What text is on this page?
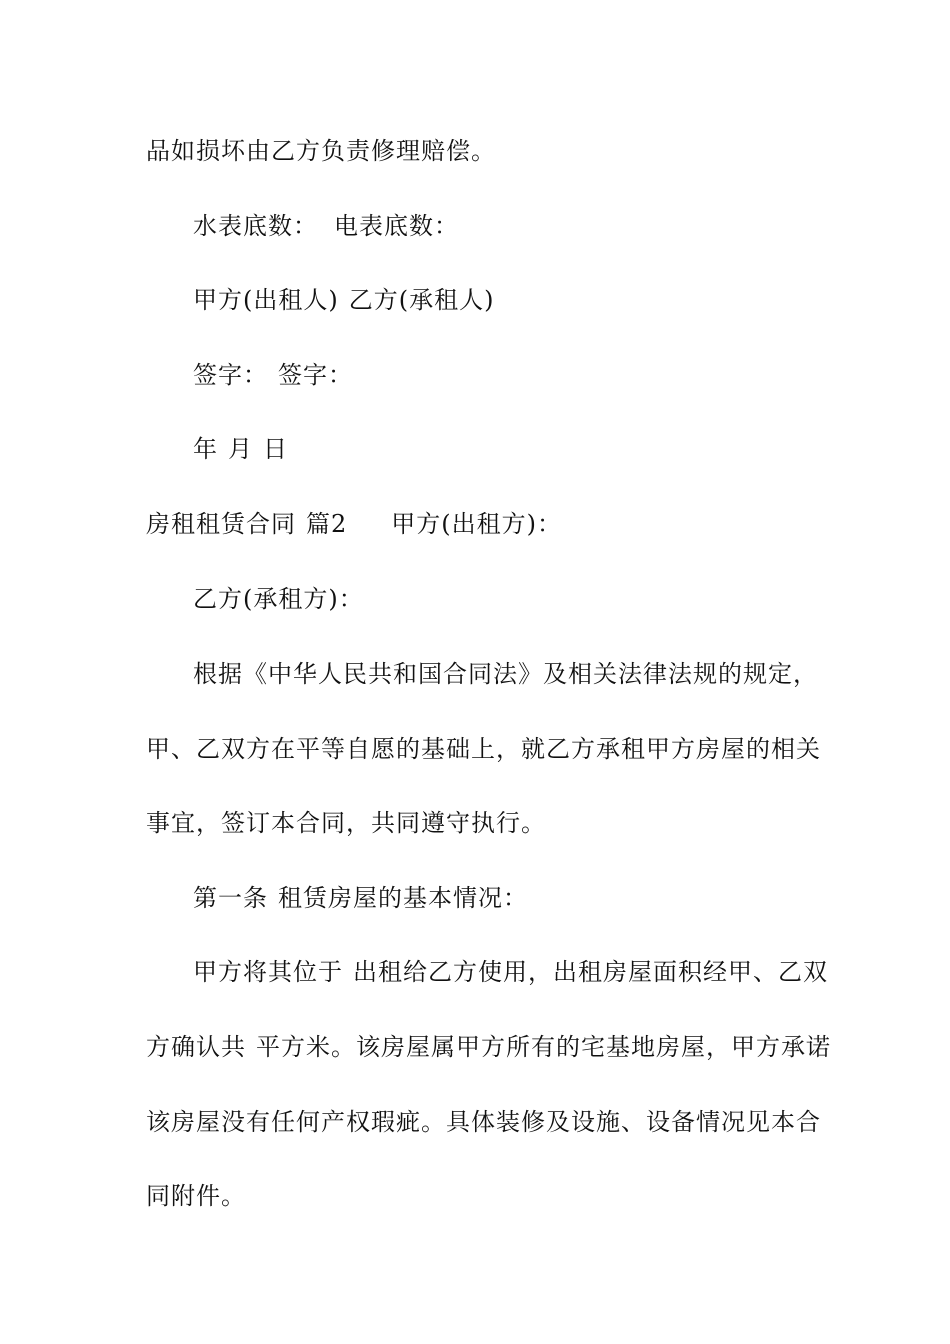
品如损坏由乙方负责修理赔偿。
水表底数： 电表底数：
甲方(出租人) 乙方(承租人)
签字： 签字：
年 月 日
房租租赁合同 篇2 甲方(出租方)：
乙方(承租方)：
根据《中华人民共和国合同法》及相关法律法规的规定，
甲、乙双方在平等自愿的基础上，就乙方承租甲方房屋的相关
事宜，签订本合同，共同遵守执行。
第一条 租赁房屋的基本情况：
甲方将其位于 出租给乙方使用，出租房屋面积经甲、乙双
方确认共 平方米。该房屋属甲方所有的宅基地房屋，甲方承诺
该房屋没有任何产权瑕疵。具体装修及设施、设备情况见本合
同附件。
